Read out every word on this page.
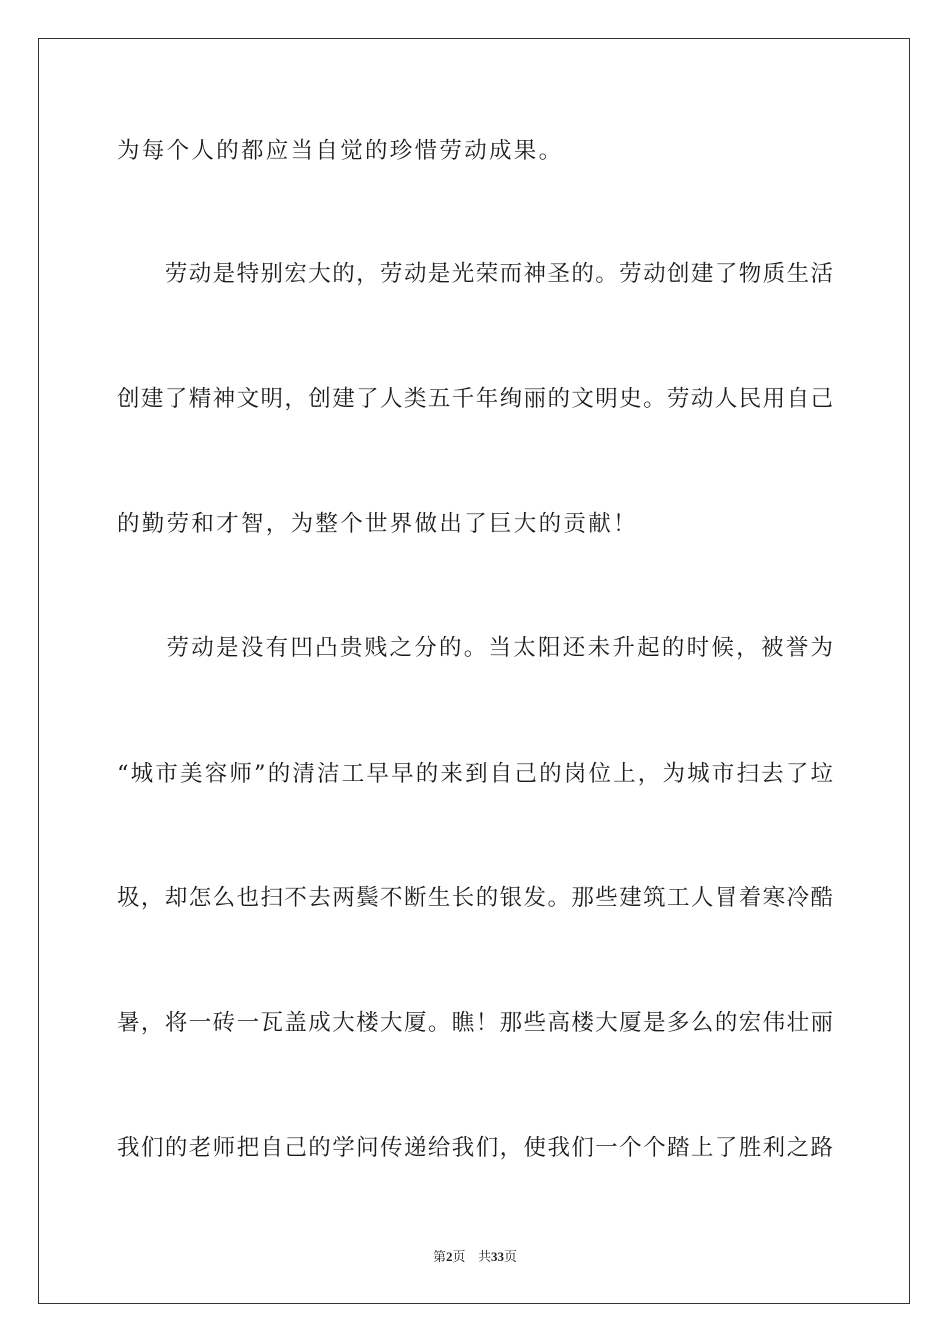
为每个人的都应当自觉的珍惜劳动成果。
　　劳动是特别宏大的，劳动是光荣而神圣的。劳动创建了物质生活
创建了精神文明，创建了人类五千年绚丽的文明史。劳动人民用自己
的勤劳和才智，为整个世界做出了巨大的贡献！
　　劳动是没有凹凸贵贱之分的。当太阳还未升起的时候，被誉为
“城市美容师”的清洁工早早的来到自己的岗位上，为城市扫去了垃
圾，却怎么也扫不去两鬓不断生长的银发。那些建筑工人冒着寒冷酷
暑，将一砖一瓦盖成大楼大厦。瞧！那些高楼大厦是多么的宏伟壮丽
我们的老师把自己的学问传递给我们，使我们一个个踏上了胜利之路
第2页 共33页
